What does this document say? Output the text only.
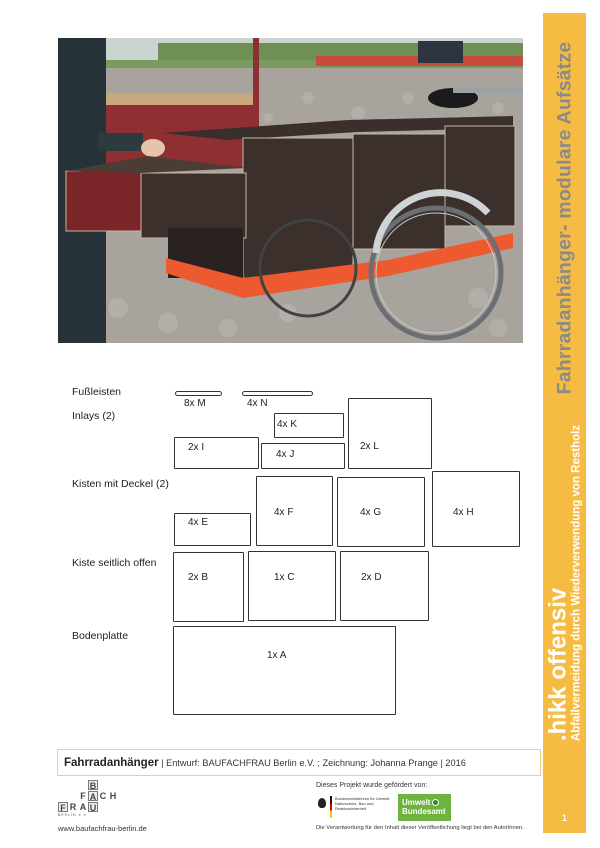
Fahrradanhänger- modulare Aufsätze
.hikk offensiv Abfallvermeidung durch Wiederverwendung von Restholz
1
Fußleisten
Inlays (2)
Kisten mit Deckel (2)
Kiste seitlich offen
Bodenplatte
8x M	4x N
4x K
2x I
4x J
2x L
4x E
4x F	4x G	4x H
2x B	1x C	2x D
1x A
Fahrradanhänger | Entwurf: BAUFACHFRAU Berlin e.V. ; Zeichnung: Johanna Prange | 2016
B
F A C H
F R A U
BERLIN e.V.
www.baufachfrau-berlin.de
Dieses Projekt wurde gefördert von:
Bundesministerium für Umwelt, Naturschutz, Bau und Reaktorsicherheit
Umwelt
Bundesamt
Die Verantwortung für den Inhalt dieser Veröffentlichung liegt bei den AutorInnen.
